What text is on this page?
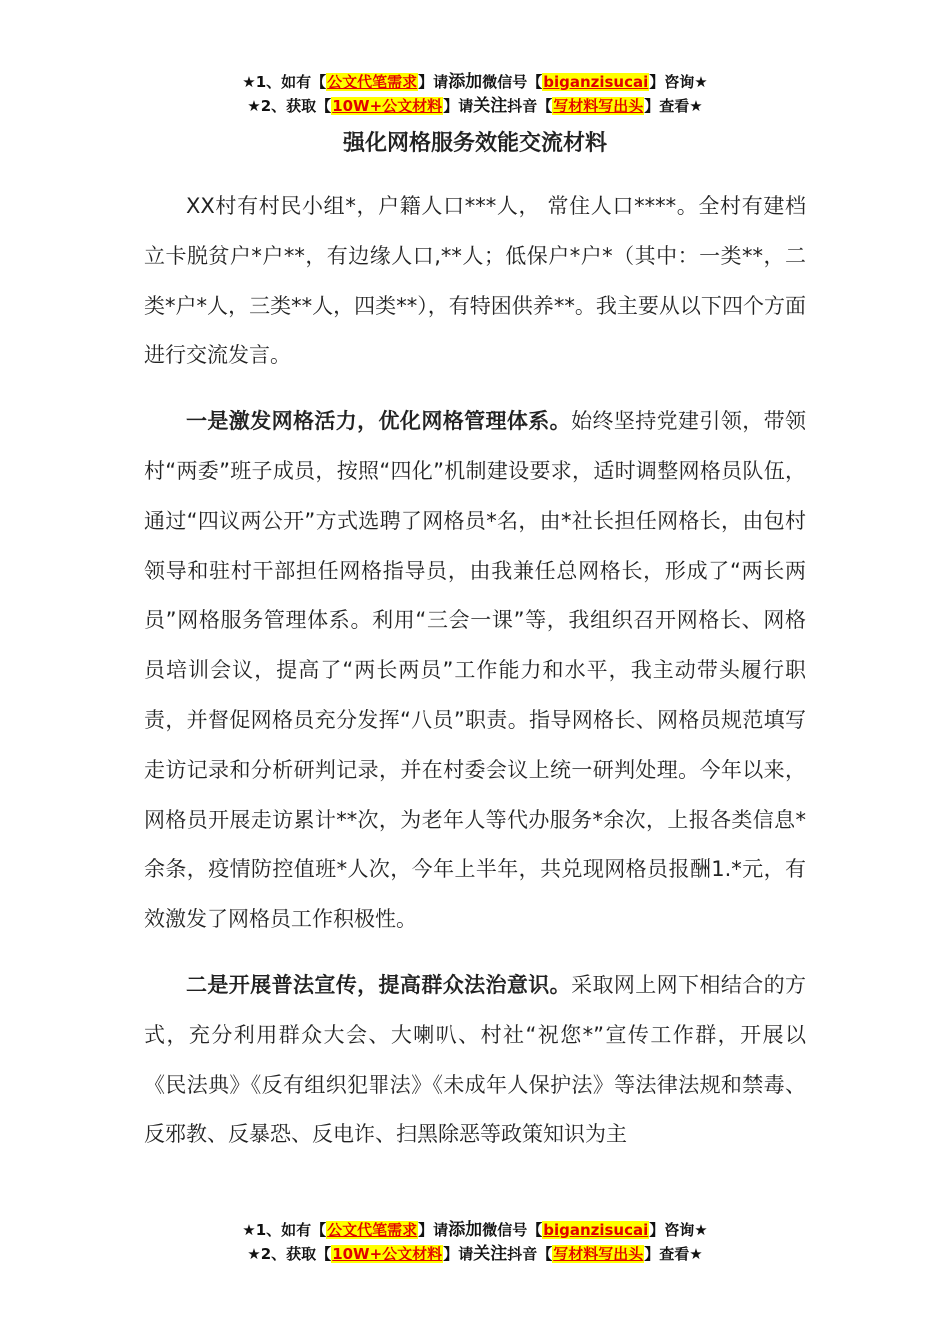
★1、如有【公文代笔需求】请添加微信号【biganzisucai】咨询★
★2、获取【10W+公文材料】请关注抖音【写材料写出头】查看★
强化网格服务效能交流材料

XX村有村民小组*，户籍人口***人， 常住人口****。全村有建档立卡脱贫户*户**，有边缘人口,**人；低保户*户*（其中：一类**，二类*户*人，三类**人，四类**），有特困供养**。我主要从以下四个方面进行交流发言。

一是激发网格活力，优化网格管理体系。始终坚持党建引领，带领村“两委”班子成员，按照“四化”机制建设要求，适时调整网格员队伍，通过“四议两公开”方式选聘了网格员*名，由*社长担任网格长，由包村领导和驻村干部担任网格指导员，由我兼任总网格长，形成了“两长两员”网格服务管理体系。利用“三会一课”等，我组织召开网格长、网格员培训会议，提高了“两长两员”工作能力和水平，我主动带头履行职责，并督促网格员充分发挥“八员”职责。指导网格长、网格员规范填写走访记录和分析研判记录，并在村委会议上统一研判处理。今年以来，网格员开展走访累计**次，为老年人等代办服务*余次，上报各类信息*余条，疫情防控值班*人次，今年上半年，共兑现网格员报酬1.*元，有效激发了网格员工作积极性。

二是开展普法宣传，提高群众法治意识。采取网上网下相结合的方式，充分利用群众大会、大喇叭、村社“祝您*”宣传工作群，开展以《民法典》《反有组织犯罪法》《未成年人保护法》等法律法规和禁毒、反邪教、反暴恐、反电诈、扫黑除恶等政策知识为主

★1、如有【公文代笔需求】请添加微信号【biganzisucai】咨询★
★2、获取【10W+公文材料】请关注抖音【写材料写出头】查看★
